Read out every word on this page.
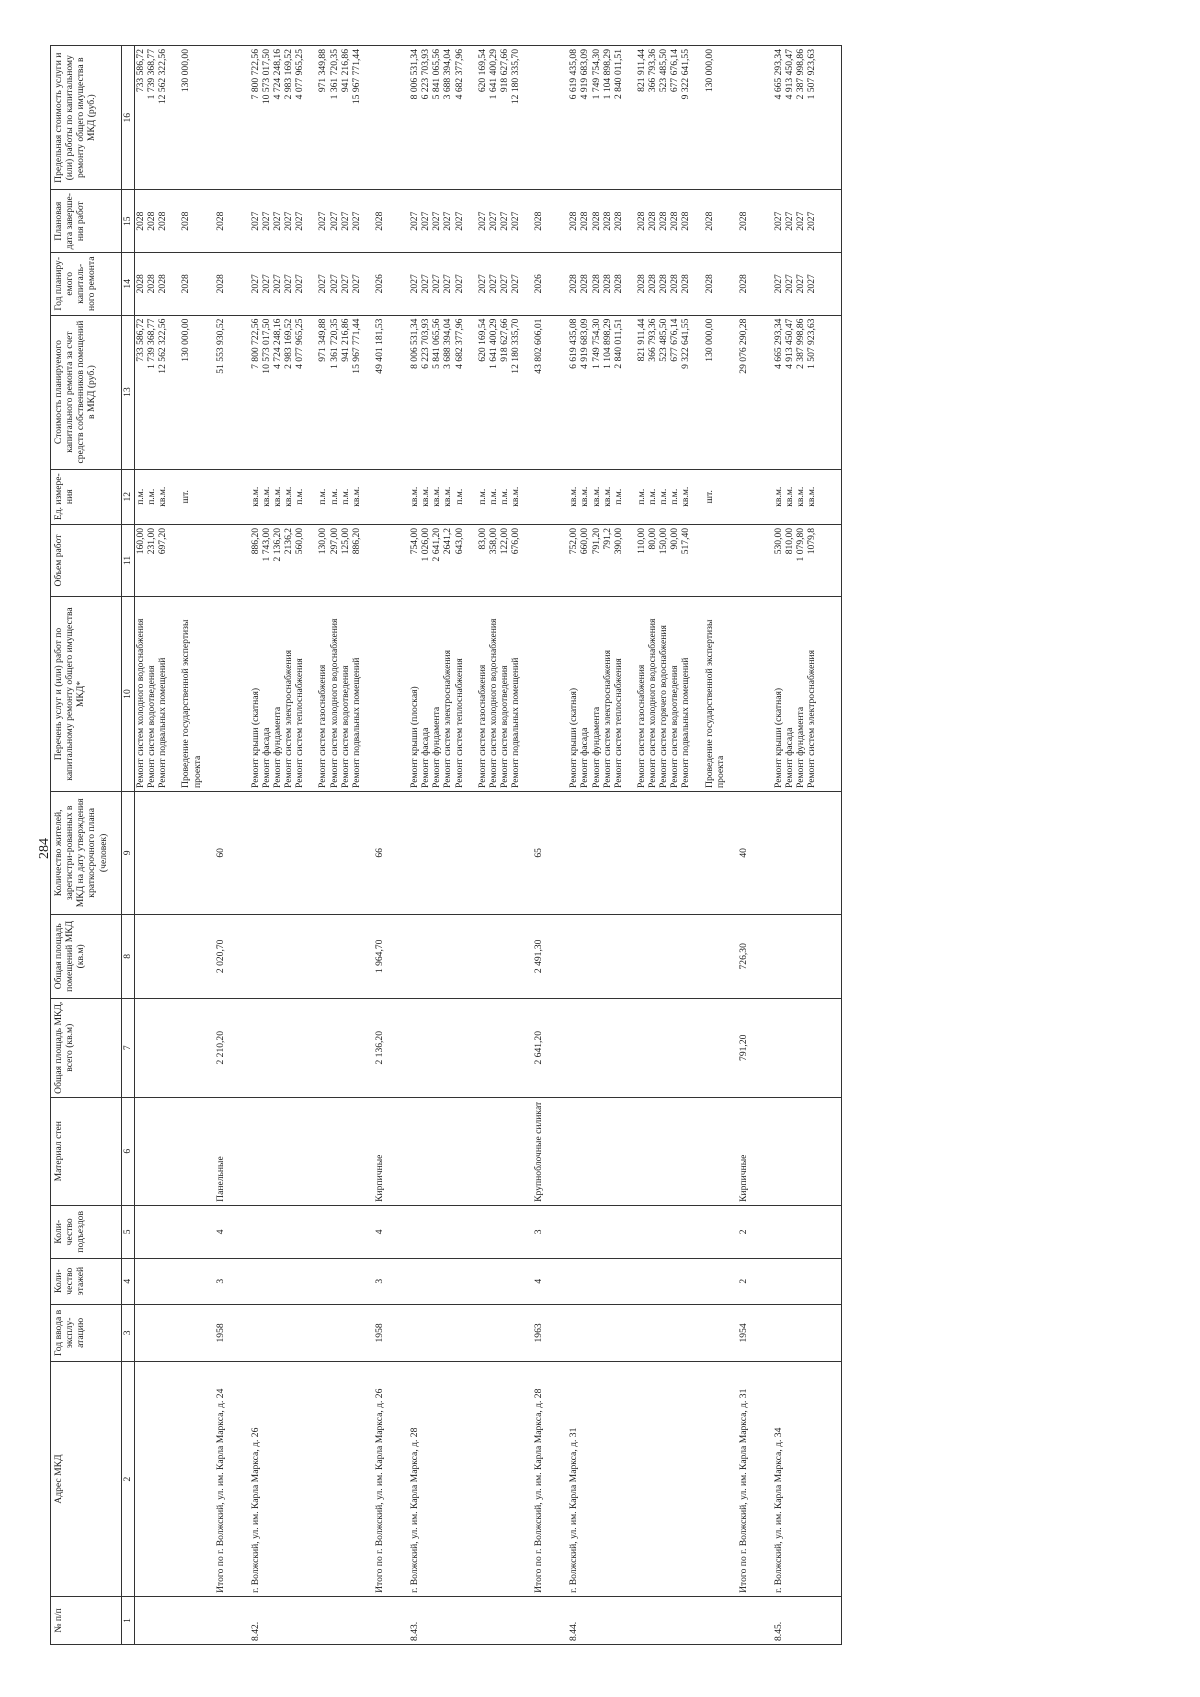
284
№ п/п	Адрес МКД	Год ввода в эксплу-атацию	Коли-чество этажей	Коли-чество подъездов	Материал стен	Общая площадь МКД, всего (кв.м)	Общая площадь помещений МКД (кв.м)	Количество жителей, зарегистри-рованных в МКД на дату утверждения краткосрочного плана (человек)	Перечень услуг и (или) работ по капитальному ремонту общего имущества МКД*	Объем работ	Ед. измере-ния	Стоимость планируемого капитального ремонта за счет средств собственников помещений в МКД (руб.)	Год планиру-емого капиталь-ного ремонта	Плановая дата заверше-ния работ	Предельная стоимость услуги и (или) работы по капитальному ремонту общего имущества в МКД (руб.)
1	2	3	4	5	6	7	8	9	10	11	12	13	14	15	16
									Ремонт систем холодного водоснабжения	160,00	п.м.	733 586,72	2028	2028	733 586,72
									Ремонт систем водоотведения	231,00	п.м.	1 739 368,77	2028	2028	1 739 368,77
									Ремонт подвальных помещений	697,20	кв.м.	12 562 322,56	2028	2028	12 562 322,56

									Проведение государственной экспертизы проекта		шт.	130 000,00	2028	2028	130 000,00

	Итого по г. Волжский, ул. им. Карла Маркса, д. 24	1958	3	4	Панельные	2 210,20	2 020,70	60				51 553 930,52	2028	2028	

8.42.	г. Волжский, ул. им. Карла Маркса, д. 26								Ремонт крыши (скатная)	886,20	кв.м.	7 800 722,56	2027	2027	7 800 722,56
									Ремонт фасада	1 743,00	кв.м.	10 573 017,50	2027	2027	10 573 017,50
									Ремонт фундамента	2 136,20	кв.м.	4 724 248,16	2027	2027	4 724 248,16
									Ремонт систем электроснабжения	2136,2	кв.м.	2 983 169,52	2027	2027	2 983 169,52
									Ремонт систем теплоснабжения	560,00	п.м.	4 077 965,25	2027	2027	4 077 965,25

									Ремонт систем газоснабжения	130,00	п.м.	971 349,88	2027	2027	971 349,88
									Ремонт систем холодного водоснабжения	297,00	п.м.	1 361 720,35	2027	2027	1 361 720,35
									Ремонт систем водоотведения	125,00	п.м.	941 216,86	2027	2027	941 216,86
									Ремонт подвальных помещений	886,20	кв.м.	15 967 771,44	2027	2027	15 967 771,44

	Итого по г. Волжский, ул. им. Карла Маркса, д. 26	1958	3	4	Кирпичные	2 136,20	1 964,70	66				49 401 181,53	2026	2028	

8.43.	г. Волжский, ул. им. Карла Маркса, д. 28								Ремонт крыши (плоская)	754,00	кв.м.	8 006 531,34	2027	2027	8 006 531,34
									Ремонт фасада	1 026,00	кв.м.	6 223 703,93	2027	2027	6 223 703,93
									Ремонт фундамента	2 641,20	кв.м.	5 841 065,56	2027	2027	5 841 065,56
									Ремонт систем электроснабжения	2641,2	кв.м.	3 688 394,04	2027	2027	3 688 394,04
									Ремонт систем теплоснабжения	643,00	п.м.	4 682 377,96	2027	2027	4 682 377,96

									Ремонт систем газоснабжения	83,00	п.м.	620 169,54	2027	2027	620 169,54
									Ремонт систем холодного водоснабжения	358,00	п.м.	1 641 400,29	2027	2027	1 641 400,29
									Ремонт систем водоотведения	122,00	п.м.	918 627,66	2027	2027	918 627,66
									Ремонт подвальных помещений	676,00	кв.м.	12 180 335,70	2027	2027	12 180 335,70

	Итого по г. Волжский, ул. им. Карла Маркса, д. 28	1963	4	3	Крупноблочные силикат	2 641,20	2 491,30	65				43 802 606,01	2026	2028	

8.44.	г. Волжский, ул. им. Карла Маркса, д. 31								Ремонт крыши (скатная)	752,00	кв.м.	6 619 435,08	2028	2028	6 619 435,08
									Ремонт фасада	660,00	кв.м.	4 919 683,09	2028	2028	4 919 683,09
									Ремонт фундамента	791,20	кв.м.	1 749 754,30	2028	2028	1 749 754,30
									Ремонт систем электроснабжения	791,2	кв.м.	1 104 898,29	2028	2028	1 104 898,29
									Ремонт систем теплоснабжения	390,00	п.м.	2 840 011,51	2028	2028	2 840 011,51

									Ремонт систем газоснабжения	110,00	п.м.	821 911,44	2028	2028	821 911,44
									Ремонт систем холодного водоснабжения	80,00	п.м.	366 793,36	2028	2028	366 793,36
									Ремонт систем горячего водоснабжения	150,00	п.м.	523 485,50	2028	2028	523 485,50
									Ремонт систем водоотведения	90,00	п.м.	677 676,14	2028	2028	677 676,14
									Ремонт подвальных помещений	517,40	кв.м.	9 322 641,55	2028	2028	9 322 641,55

									Проведение государственной экспертизы проекта		шт.	130 000,00	2028	2028	130 000,00

	Итого по г. Волжский, ул. им. Карла Маркса, д. 31	1954	2	2	Кирпичные	791,20	726,30	40				29 076 290,28	2028	2028	

8.45.	г. Волжский, ул. им. Карла Маркса, д. 34								Ремонт крыши (скатная)	530,00	кв.м.	4 665 293,34	2027	2027	4 665 293,34
									Ремонт фасада	810,00	кв.м.	4 913 450,47	2027	2027	4 913 450,47
									Ремонт фундамента	1 079,80	кв.м.	2 387 998,86	2027	2027	2 387 998,86
									Ремонт систем электроснабжения	1079,8	кв.м.	1 507 923,63	2027	2027	1 507 923,63
